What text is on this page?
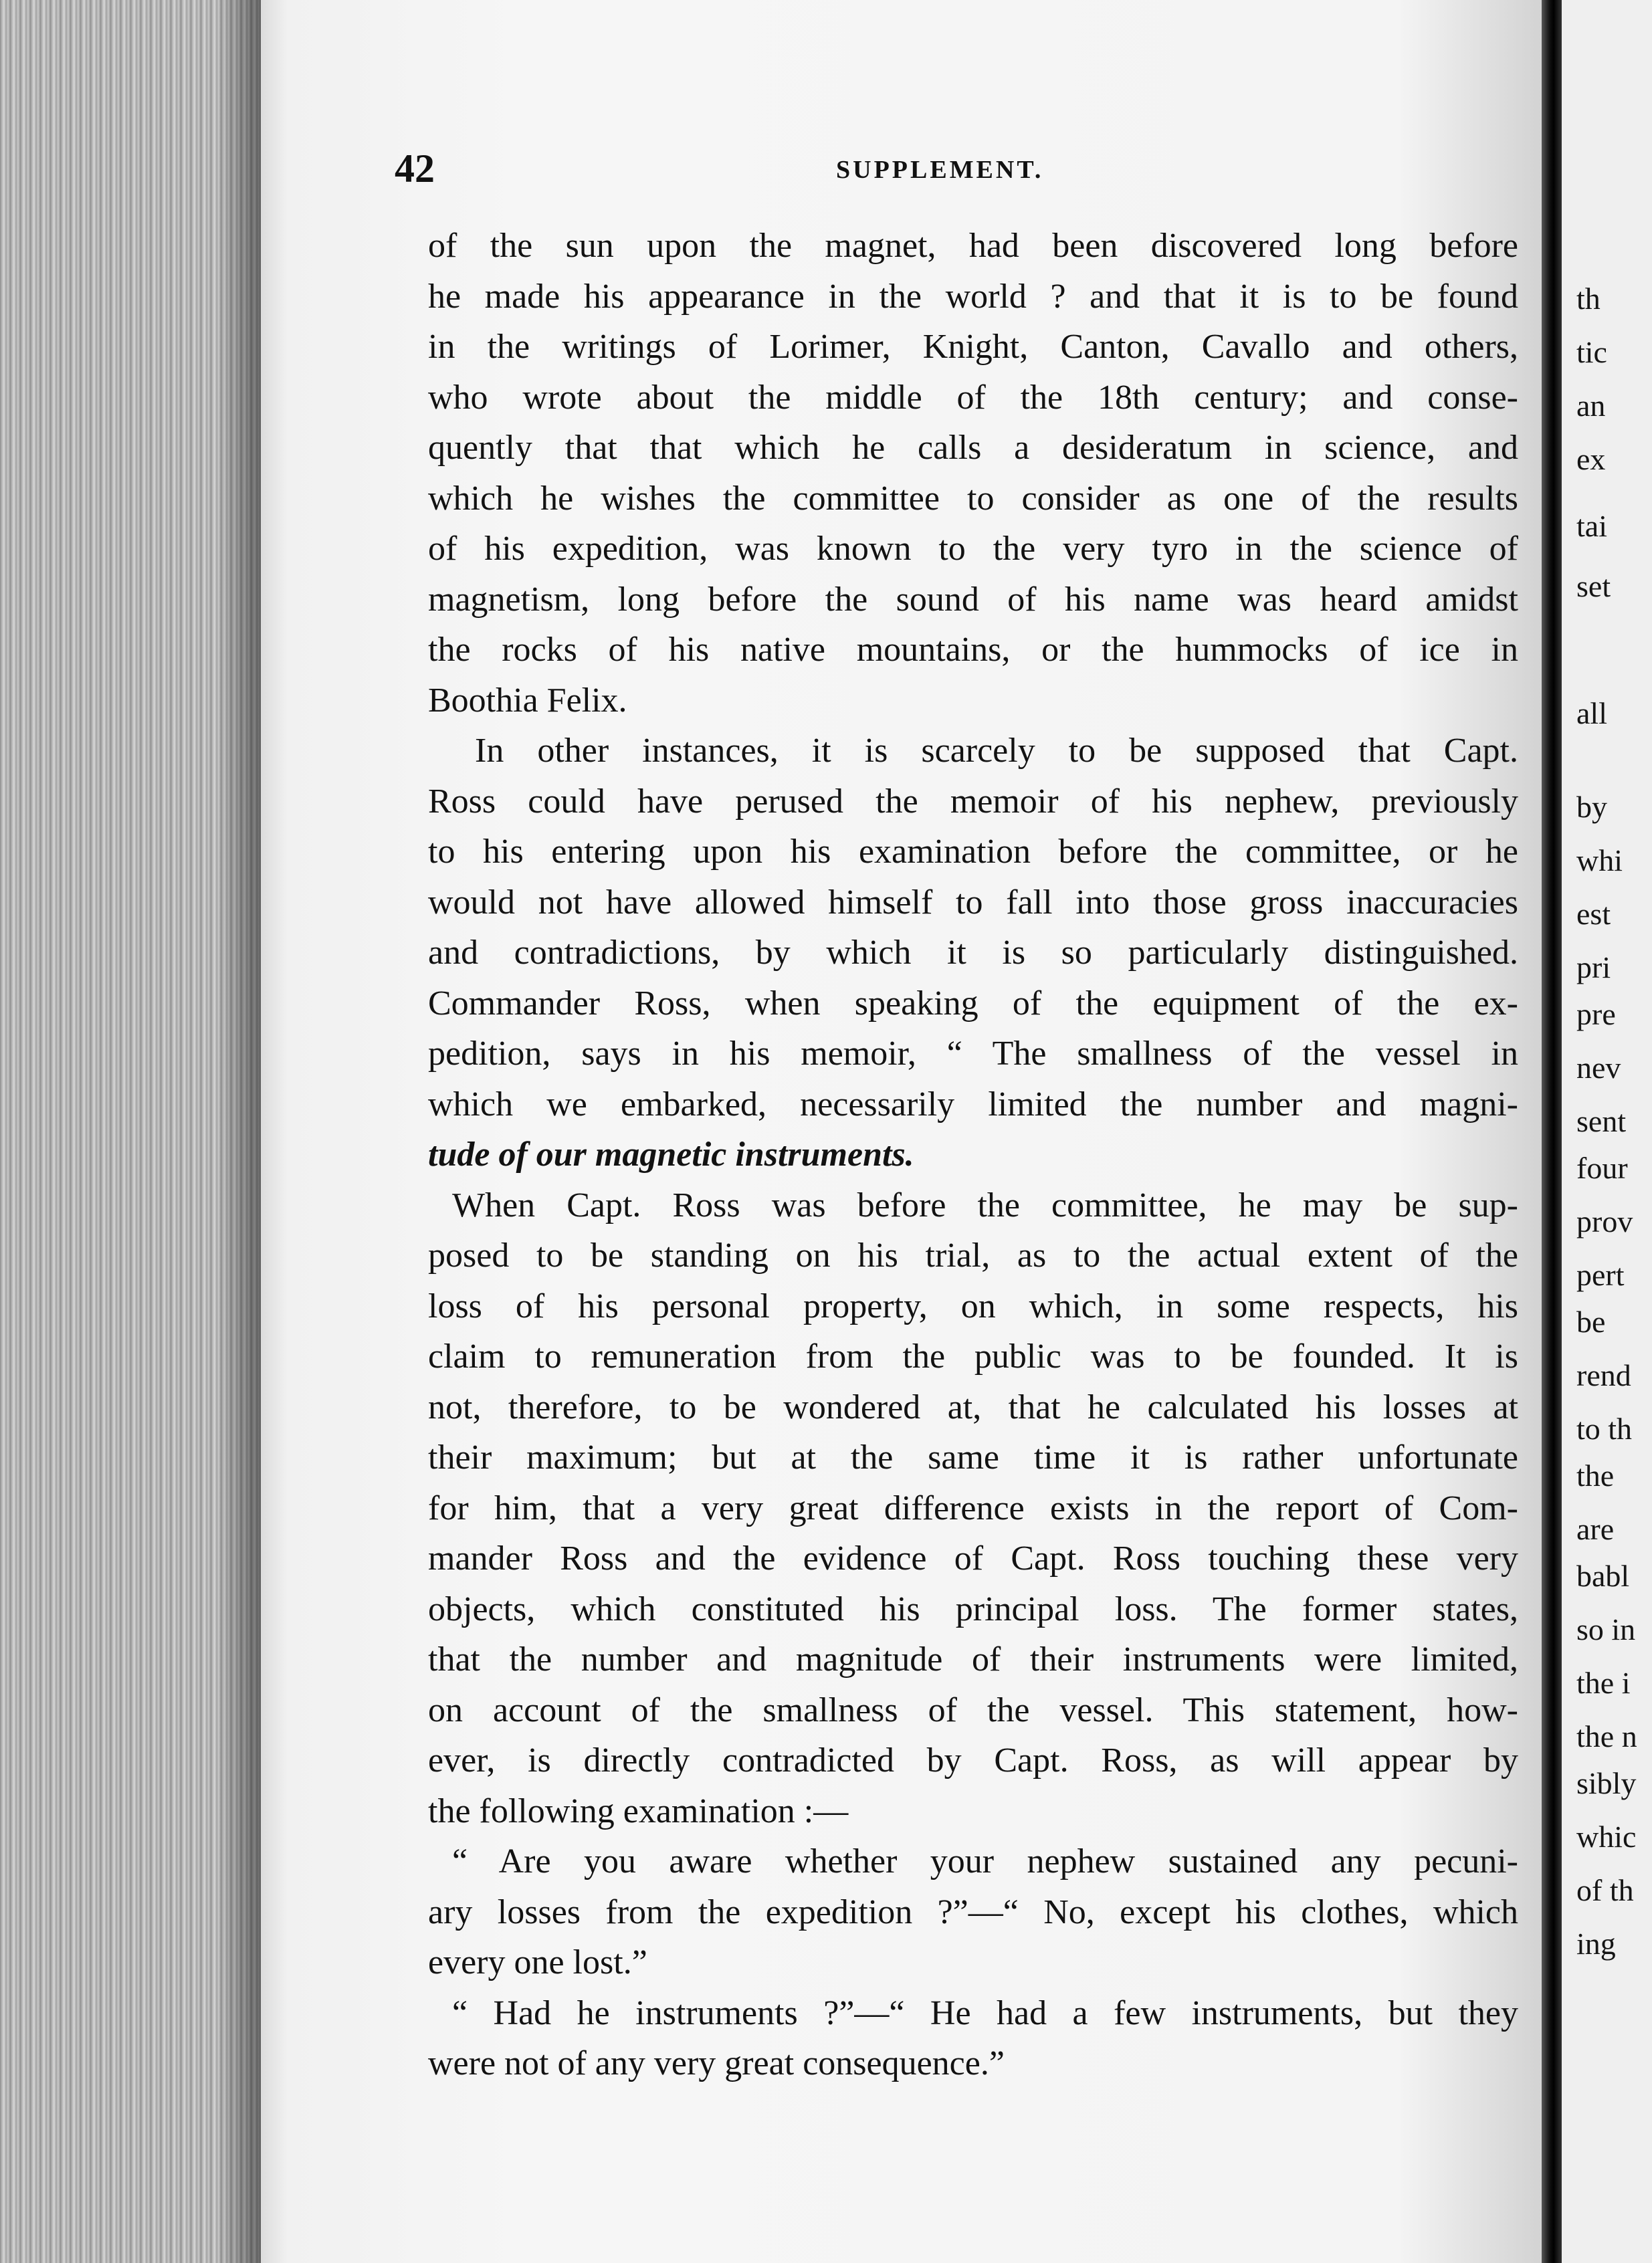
42	SUPPLEMENT.
of the sun upon the magnet, had been discovered long before
he made his appearance in the world ? and that it is to be found
in the writings of Lorimer, Knight, Canton, Cavallo and others,
who wrote about the middle of the 18th century; and conse-
quently that that which he calls a desideratum in science, and
which he wishes the committee to consider as one of the results
of his expedition, was known to the very tyro in the science of
magnetism, long before the sound of his name was heard amidst
the rocks of his native mountains, or the hummocks of ice in
Boothia Felix.
In other instances, it is scarcely to be supposed that Capt.
Ross could have perused the memoir of his nephew, previously
to his entering upon his examination before the committee, or he
would not have allowed himself to fall into those gross inaccuracies
and contradictions, by which it is so particularly distinguished.
Commander Ross, when speaking of the equipment of the ex-
pedition, says in his memoir, “ The smallness of the vessel in
which we embarked, necessarily limited the number and magni-
tude of our magnetic instruments.
When Capt. Ross was before the committee, he may be sup-
posed to be standing on his trial, as to the actual extent of the
loss of his personal property, on which, in some respects, his
claim to remuneration from the public was to be founded. It is
not, therefore, to be wondered at, that he calculated his losses at
their maximum; but at the same time it is rather unfortunate
for him, that a very great difference exists in the report of Com-
mander Ross and the evidence of Capt. Ross touching these very
objects, which constituted his principal loss. The former states,
that the number and magnitude of their instruments were limited,
on account of the smallness of the vessel. This statement, how-
ever, is directly contradicted by Capt. Ross, as will appear by
the following examination :—
“ Are you aware whether your nephew sustained any pecuni-
ary losses from the expedition ?”—“ No, except his clothes, which
every one lost.”
“ Had he instruments ?”—“ He had a few instruments, but they
were not of any very great consequence.”
th
tic
an
ex
tai
set
all
by
whi
est
pri
pre
nev
sent
four
prov
pert
be
rend
to th
the
are
babl
so in
the i
the n
sibly
whic
of th
ing
